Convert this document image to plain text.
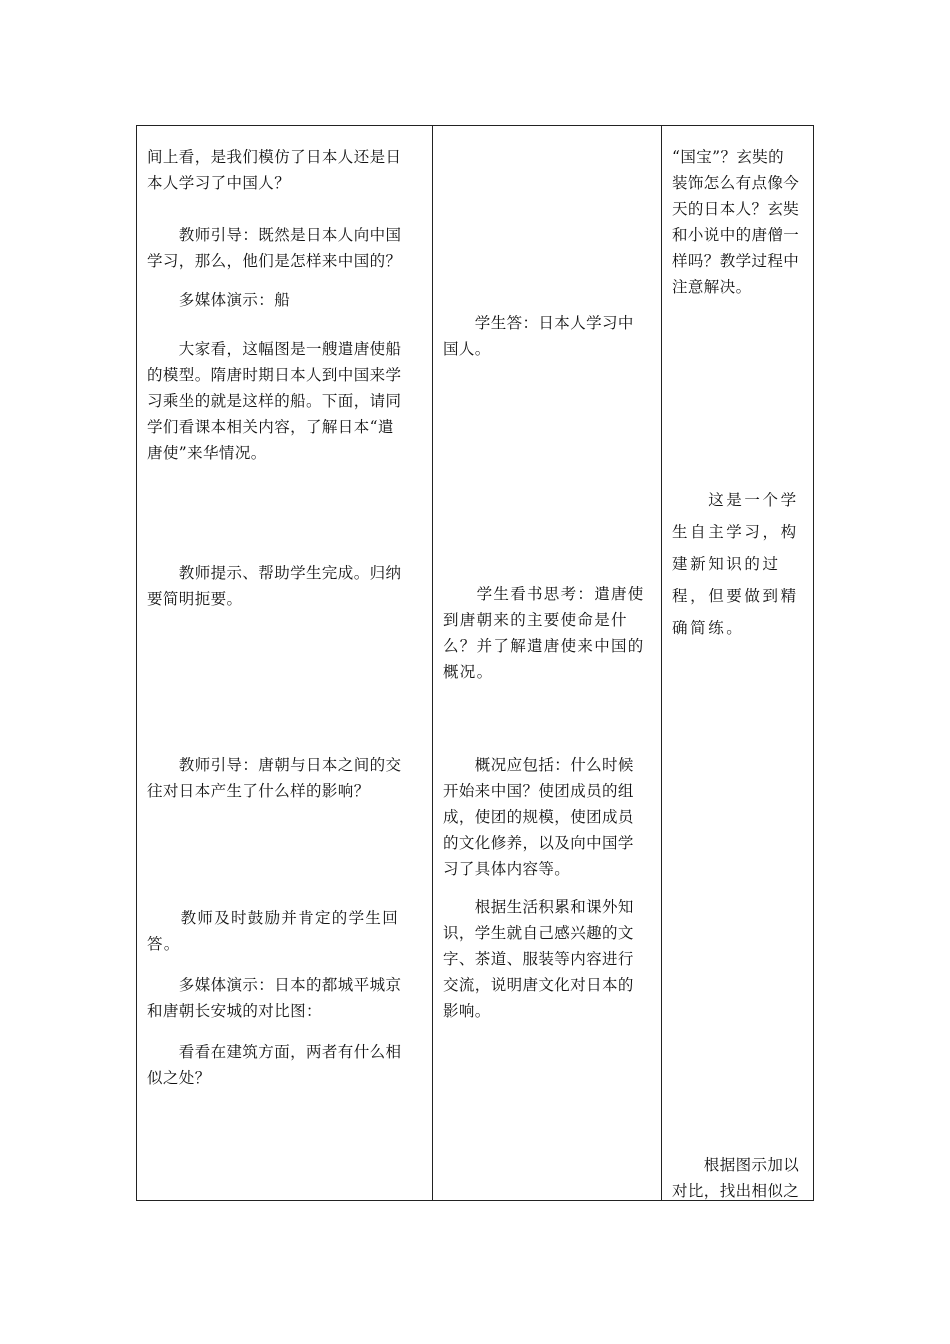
间上看，是我们模仿了日本人还是日
本人学习了中国人？
　　教师引导：既然是日本人向中国
学习，那么，他们是怎样来中国的？
　　多媒体演示：船
　　大家看，这幅图是一艘遣唐使船
的模型。隋唐时期日本人到中国来学
习乘坐的就是这样的船。下面，请同
学们看课本相关内容，了解日本“遣
唐使”来华情况。
　　教师提示、帮助学生完成。归纳
要简明扼要。
　　教师引导：唐朝与日本之间的交
往对日本产生了什么样的影响？
　　教师及时鼓励并肯定的学生回
答。
　　多媒体演示：日本的都城平城京
和唐朝长安城的对比图：
　　看看在建筑方面，两者有什么相
似之处？
　　学生答：日本人学习中
国人。
　　学生看书思考：遣唐使
到唐朝来的主要使命是什
么？并了解遣唐使来中国的
概况。
　　概况应包括：什么时候
开始来中国？使团成员的组
成，使团的规模，使团成员
的文化修养，以及向中国学
习了具体内容等。
　　根据生活积累和课外知
识，学生就自己感兴趣的文
字、茶道、服装等内容进行
交流，说明唐文化对日本的
影响。
“国宝”？玄奘的
装饰怎么有点像今
天的日本人？玄奘
和小说中的唐僧一
样吗？教学过程中
注意解决。
　　这是一个学
生自主学习，构
建新知识的过
程，但要做到精
确简练。
　　根据图示加以
对比，找出相似之
